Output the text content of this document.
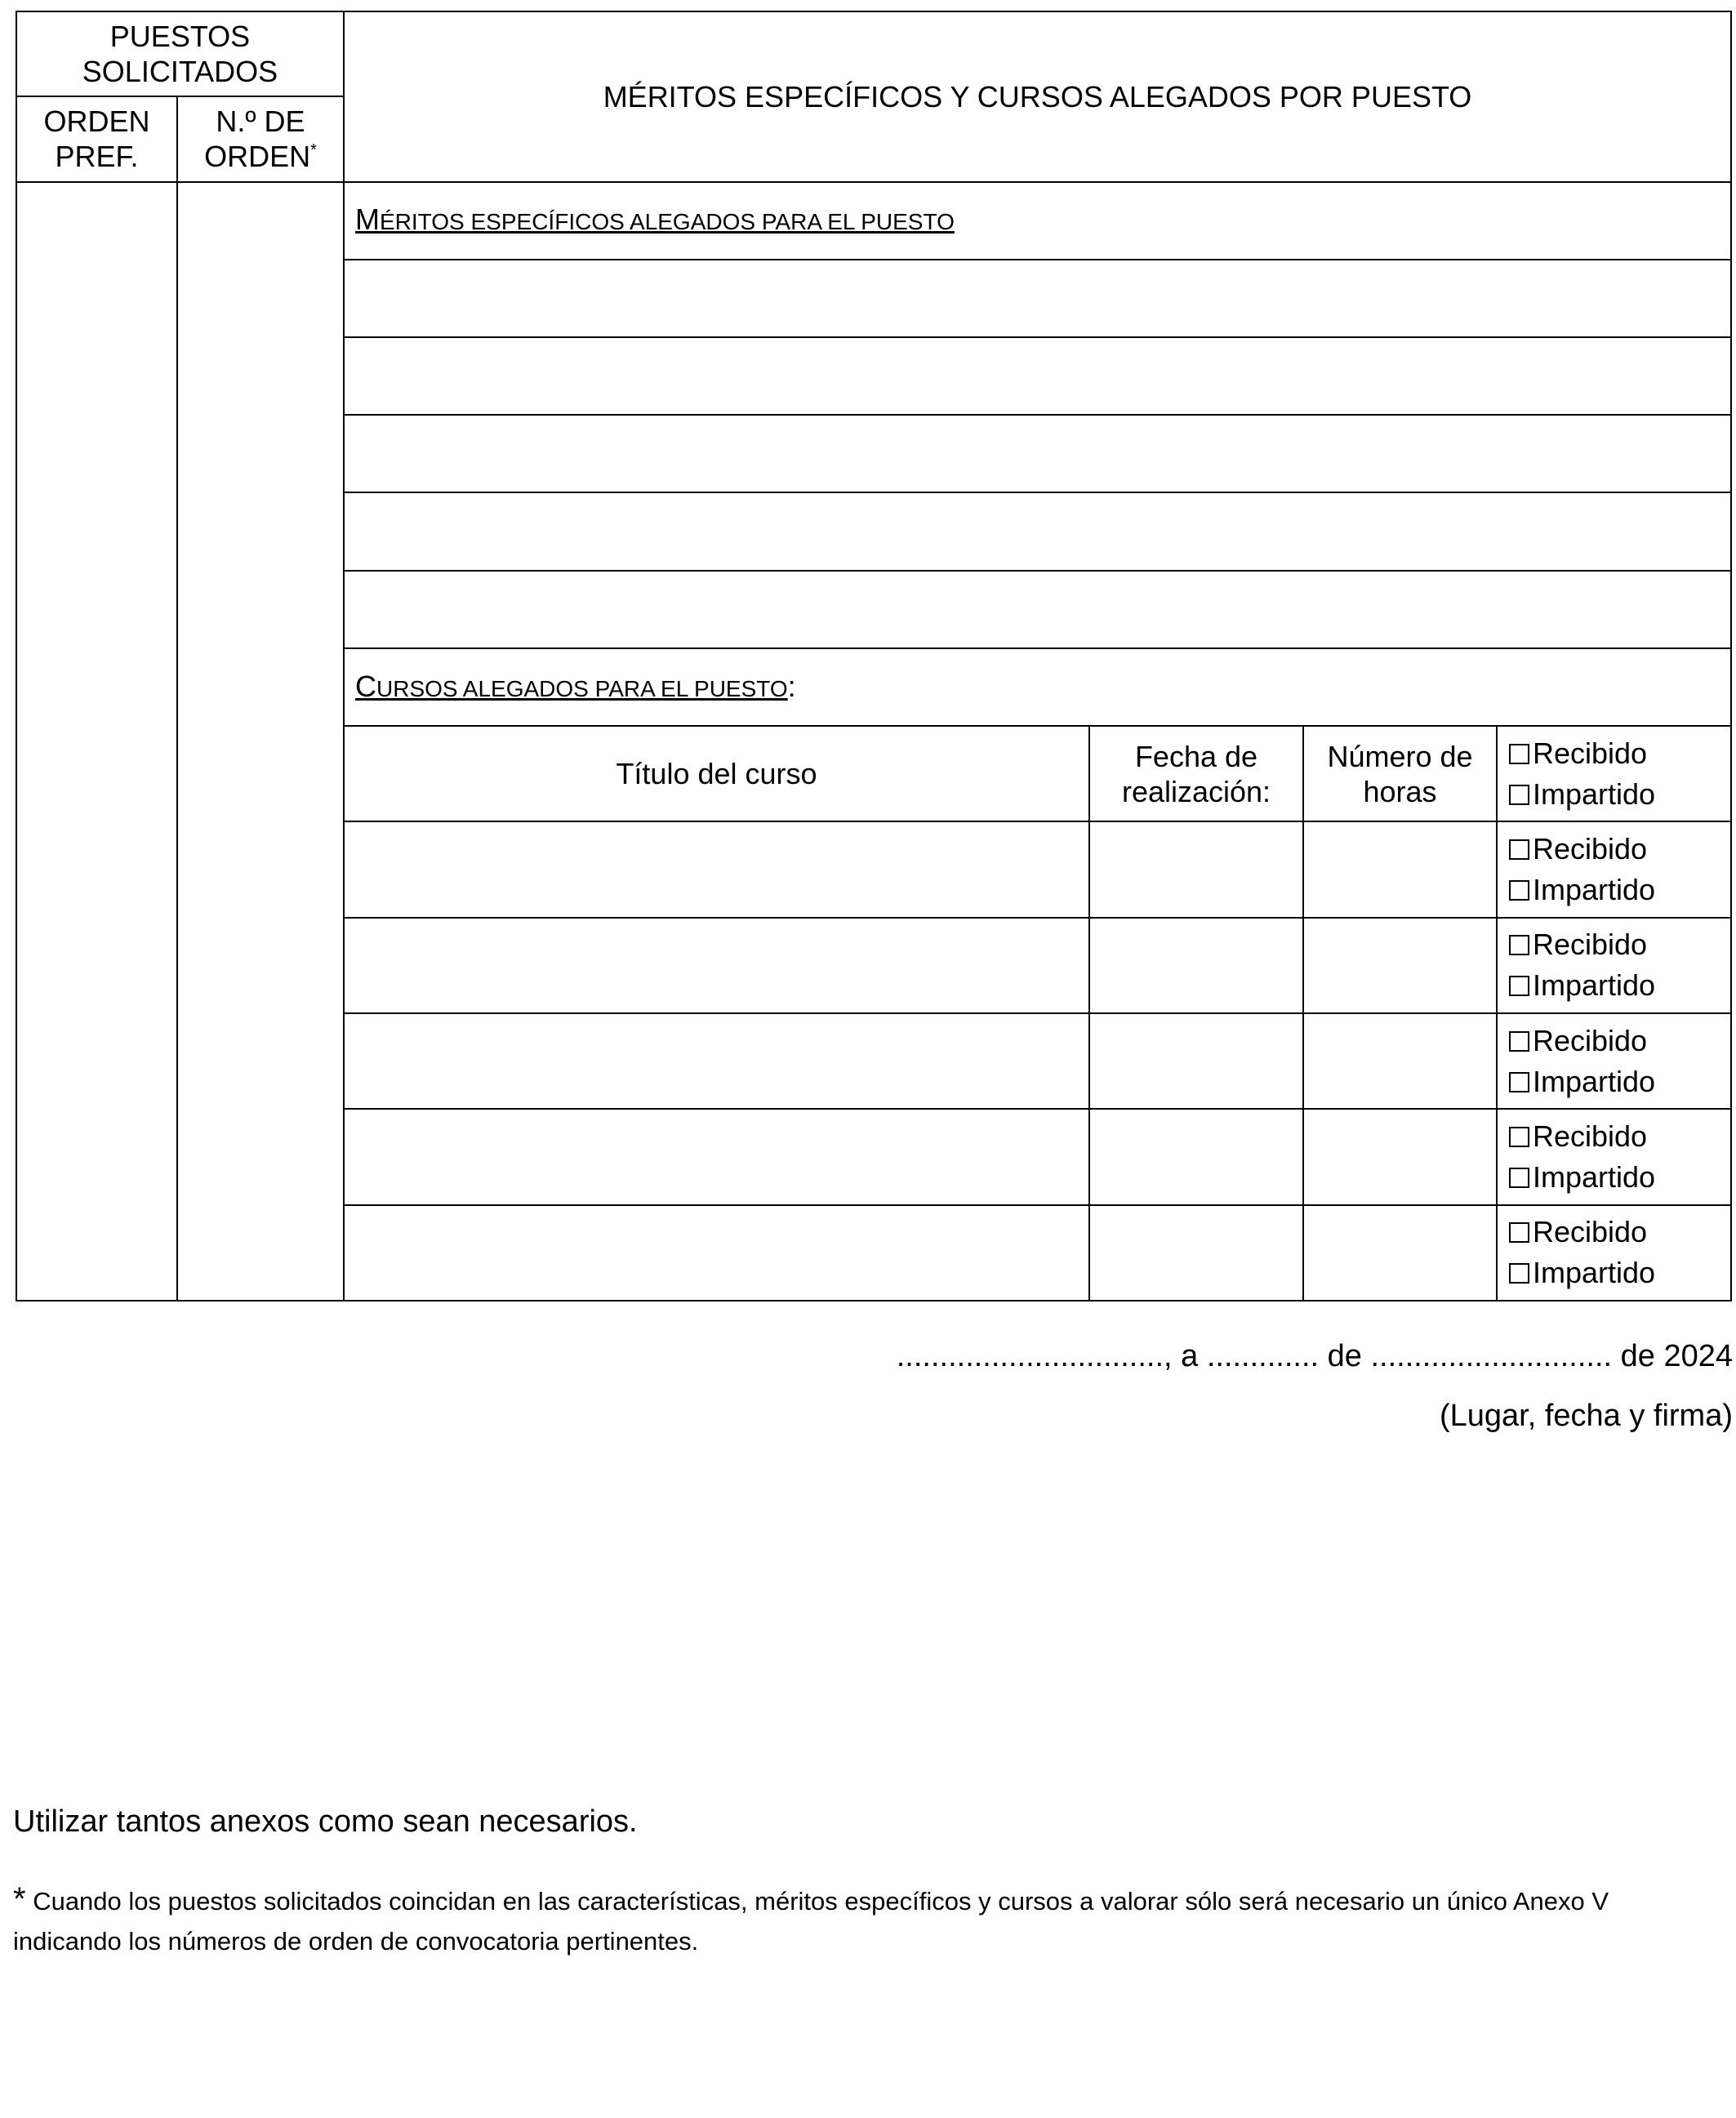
PUESTOS SOLICITADOS		MÉRITOS ESPECÍFICOS Y CURSOS ALEGADOS POR PUESTO			
ORDEN PREF.	N.º DE ORDEN*
		MÉRITOS ESPECÍFICOS ALEGADOS PARA EL PUESTO			

		CURSOS ALEGADOS PARA EL PUESTO:			
		Título del curso	Fecha de realización:	Número de horas	Recibido
Impartido

					Recibido
Impartido

					Recibido
Impartido

					Recibido
Impartido

					Recibido
Impartido

					Recibido
Impartido
..............................., a ............. de ............................ de 2024
(Lugar, fecha y firma)
Utilizar tantos anexos como sean necesarios.
* Cuando los puestos solicitados coincidan en las características, méritos específicos y cursos a valorar sólo será necesario un único Anexo V indicando los números de orden de convocatoria pertinentes.
